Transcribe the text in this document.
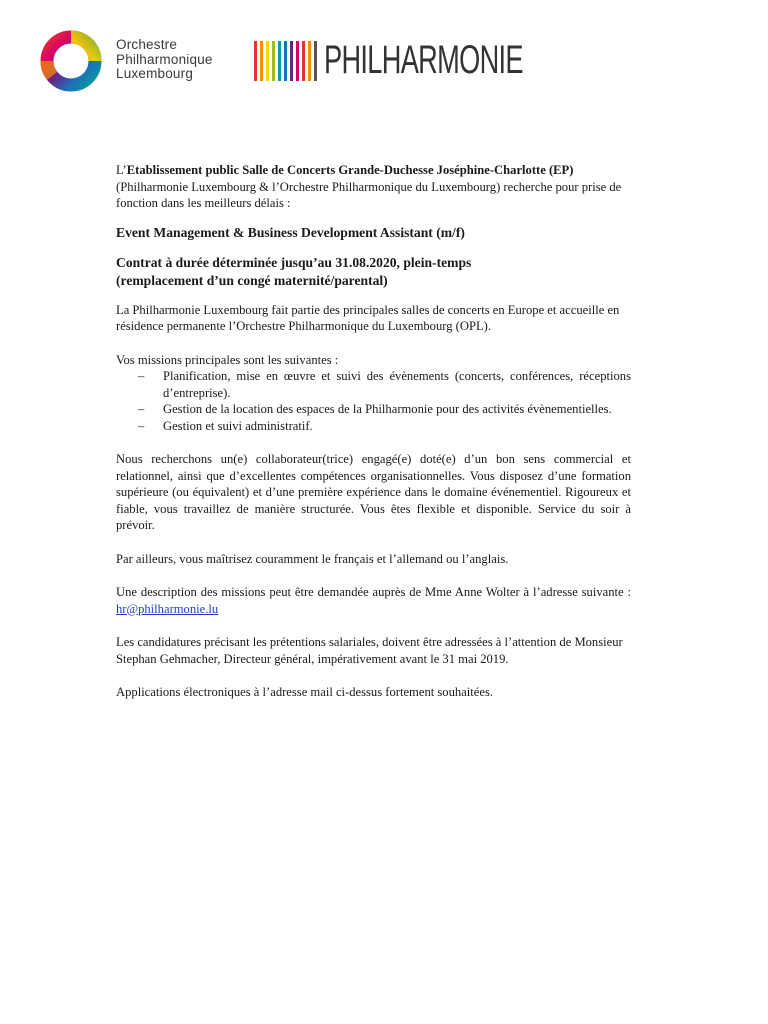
Orchestre
Philharmonique
Luxembourg	PHILHARMONIE

L’Etablissement public Salle de Concerts Grande-Duchesse Joséphine-Charlotte (EP)
(Philharmonie Luxembourg & l’Orchestre Philharmonique du Luxembourg) recherche pour prise de fonction dans les meilleurs délais :

Event Management & Business Development Assistant (m/f)

Contrat à durée déterminée jusqu’au 31.08.2020, plein-temps

(remplacement d’un congé maternité/parental)

La Philharmonie Luxembourg fait partie des principales salles de concerts en Europe et accueille en résidence permanente l’Orchestre Philharmonique du Luxembourg (OPL).

Vos missions principales sont les suivantes :

– Planification, mise en œuvre et suivi des évènements (concerts, conférences, réceptions d’entreprise).
– Gestion de la location des espaces de la Philharmonie pour des activités évènementielles.
– Gestion et suivi administratif.

Nous recherchons un(e) collaborateur(trice) engagé(e) doté(e) d’un bon sens commercial et relationnel, ainsi que d’excellentes compétences organisationnelles. Vous disposez d’une formation supérieure (ou équivalent) et d’une première expérience dans le domaine événementiel. Rigoureux et fiable, vous travaillez de manière structurée. Vous êtes flexible et disponible. Service du soir à prévoir.

Par ailleurs, vous maîtrisez couramment le français et l’allemand ou l’anglais.

Une description des missions peut être demandée auprès de Mme Anne Wolter à l’adresse suivante : hr@philharmonie.lu

Les candidatures précisant les prétentions salariales, doivent être adressées à l’attention de Monsieur Stephan Gehmacher, Directeur général, impérativement avant le 31 mai 2019.

Applications électroniques à l’adresse mail ci-dessus fortement souhaitées.
